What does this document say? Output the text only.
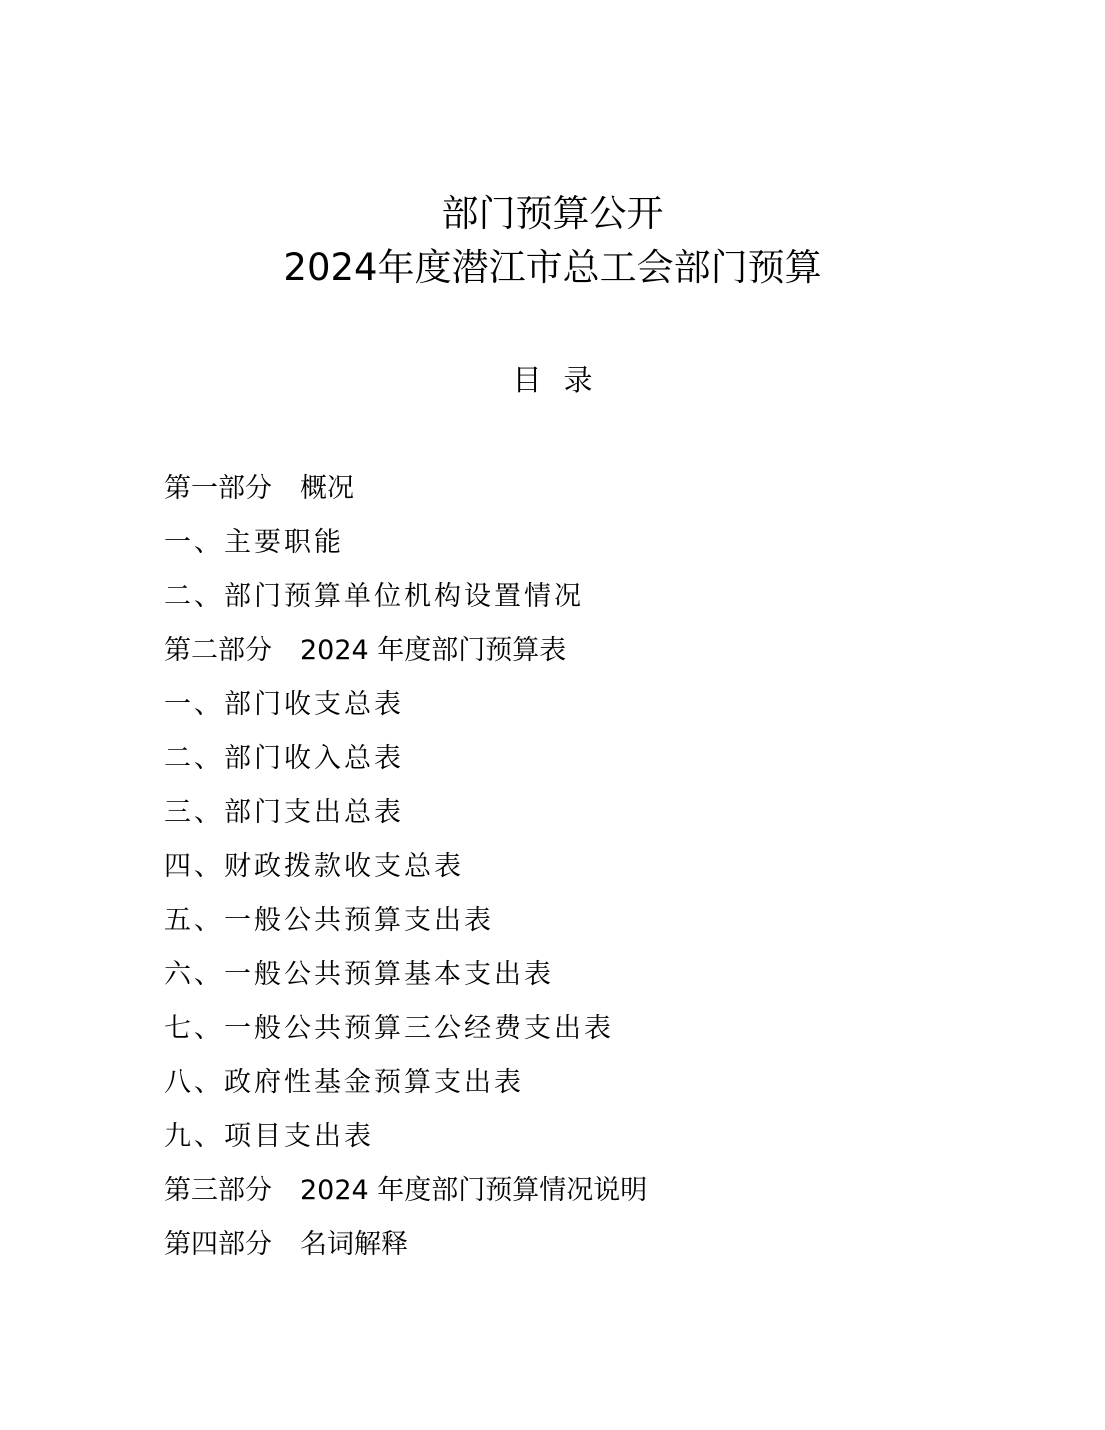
部门预算公开
2024年度潜江市总工会部门预算
目录
第一部分 概况
一、主要职能
二、部门预算单位机构设置情况
第二部分 2024 年度部门预算表
一、部门收支总表
二、部门收入总表
三、部门支出总表
四、财政拨款收支总表
五、一般公共预算支出表
六、一般公共预算基本支出表
七、一般公共预算三公经费支出表
八、政府性基金预算支出表
九、项目支出表
第三部分 2024 年度部门预算情况说明
第四部分 名词解释
